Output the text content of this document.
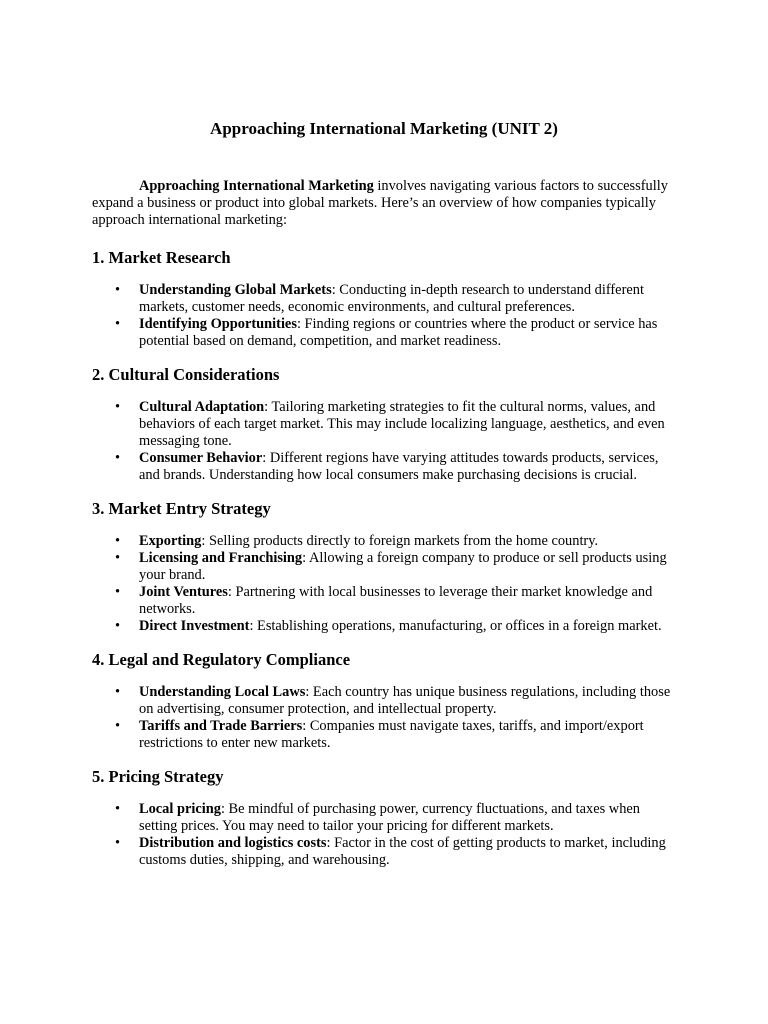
Approaching International Marketing (UNIT 2)

Approaching International Marketing involves navigating various factors to successfully expand a business or product into global markets. Here’s an overview of how companies typically approach international marketing:

1. Market Research
• Understanding Global Markets: Conducting in-depth research to understand different markets, customer needs, economic environments, and cultural preferences.
• Identifying Opportunities: Finding regions or countries where the product or service has potential based on demand, competition, and market readiness.
2. Cultural Considerations
• Cultural Adaptation: Tailoring marketing strategies to fit the cultural norms, values, and behaviors of each target market. This may include localizing language, aesthetics, and even messaging tone.
• Consumer Behavior: Different regions have varying attitudes towards products, services, and brands. Understanding how local consumers make purchasing decisions is crucial.
3. Market Entry Strategy
• Exporting: Selling products directly to foreign markets from the home country.
• Licensing and Franchising: Allowing a foreign company to produce or sell products using your brand.
• Joint Ventures: Partnering with local businesses to leverage their market knowledge and networks.
• Direct Investment: Establishing operations, manufacturing, or offices in a foreign market.
4. Legal and Regulatory Compliance
• Understanding Local Laws: Each country has unique business regulations, including those on advertising, consumer protection, and intellectual property.
• Tariffs and Trade Barriers: Companies must navigate taxes, tariffs, and import/export restrictions to enter new markets.
5. Pricing Strategy
• Local pricing: Be mindful of purchasing power, currency fluctuations, and taxes when setting prices. You may need to tailor your pricing for different markets.
• Distribution and logistics costs: Factor in the cost of getting products to market, including customs duties, shipping, and warehousing.
